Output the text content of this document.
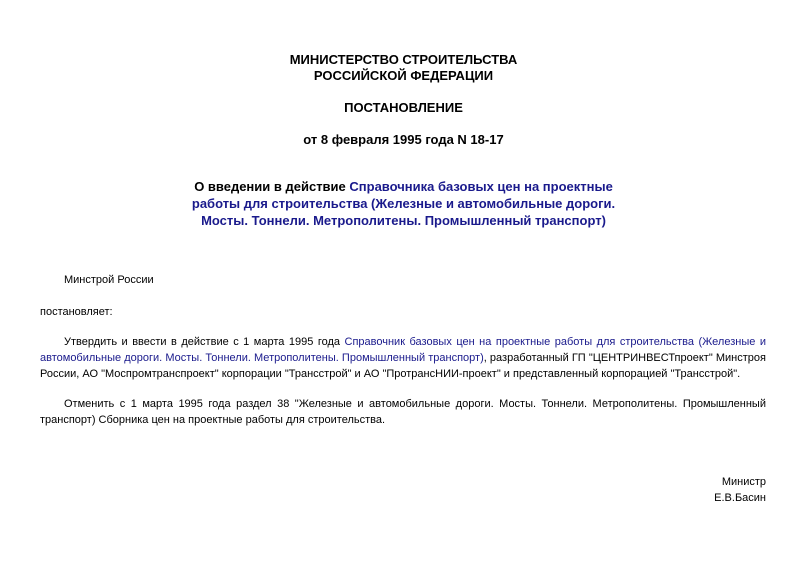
МИНИСТЕРСТВО СТРОИТЕЛЬСТВА
РОССИЙСКОЙ ФЕДЕРАЦИИ
ПОСТАНОВЛЕНИЕ
от 8 февраля 1995 года N 18-17
О введении в действие Справочника базовых цен на проектные работы для строительства (Железные и автомобильные дороги. Мосты. Тоннели. Метрополитены. Промышленный транспорт)
Минстрой России
постановляет:
Утвердить и ввести в действие с 1 марта 1995 года Справочник базовых цен на проектные работы для строительства (Железные и автомобильные дороги. Мосты. Тоннели. Метрополитены. Промышленный транспорт), разработанный ГП "ЦЕНТРИНВЕСТпроект" Минстроя России, АО "Моспромтранспроект" корпорации "Трансстрой" и АО "ПротрансНИИ-проект" и представленный корпорацией "Трансстрой".
Отменить с 1 марта 1995 года раздел 38 "Железные и автомобильные дороги. Мосты. Тоннели. Метрополитены. Промышленный транспорт) Сборника цен на проектные работы для строительства.
Министр
Е.В.Басин
